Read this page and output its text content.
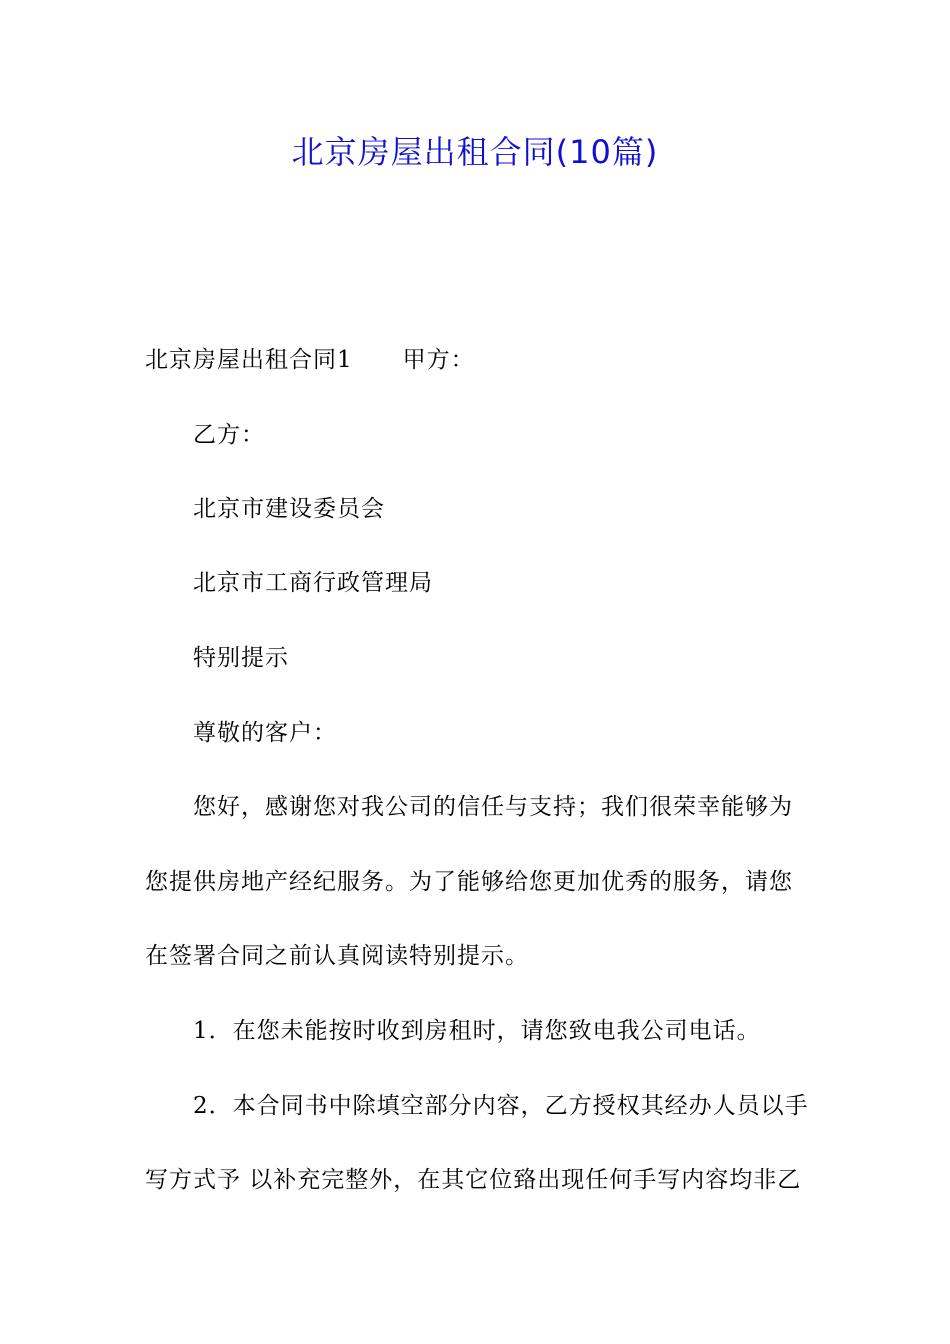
北京房屋出租合同(10篇)
北京房屋出租合同1 甲方：
乙方：
北京市建设委员会
北京市工商行政管理局
特别提示
尊敬的客户：
您好，感谢您对我公司的信任与支持；我们很荣幸能够为
您提供房地产经纪服务。为了能够给您更加优秀的服务，请您
在签署合同之前认真阅读特别提示。
1．在您未能按时收到房租时，请您致电我公司电话。
2．本合同书中除填空部分内容，乙方授权其经办人员以手
写方式予 以补充完整外，在其它位臵出现任何手写内容均非乙
